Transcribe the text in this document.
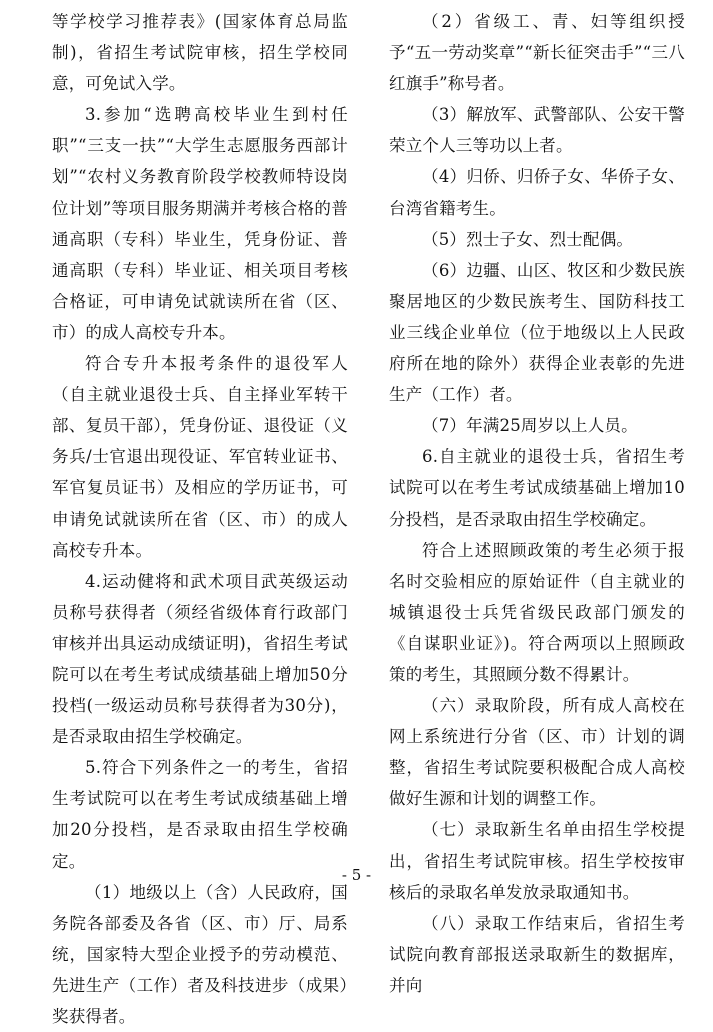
等学校学习推荐表》(国家体育总局监制)，省招生考试院审核，招生学校同意，可免试入学。

3.参加“选聘高校毕业生到村任职”“三支一扶”“大学生志愿服务西部计划”“农村义务教育阶段学校教师特设岗位计划”等项目服务期满并考核合格的普通高职（专科）毕业生，凭身份证、普通高职（专科）毕业证、相关项目考核合格证，可申请免试就读所在省（区、市）的成人高校专升本。

符合专升本报考条件的退役军人（自主就业退役士兵、自主择业军转干部、复员干部），凭身份证、退役证（义务兵/士官退出现役证、军官转业证书、军官复员证书）及相应的学历证书，可申请免试就读所在省（区、市）的成人高校专升本。

4.运动健将和武术项目武英级运动员称号获得者（须经省级体育行政部门审核并出具运动成绩证明)，省招生考试院可以在考生考试成绩基础上增加50分投档(一级运动员称号获得者为30分)，是否录取由招生学校确定。

5.符合下列条件之一的考生，省招生考试院可以在考生考试成绩基础上增加20分投档，是否录取由招生学校确定。

（1）地级以上（含）人民政府，国务院各部委及各省（区、市）厅、局系统，国家特大型企业授予的劳动模范、先进生产（工作）者及科技进步（成果）奖获得者。

（2）省级工、青、妇等组织授予“五一劳动奖章”“新长征突击手”“三八红旗手”称号者。

（3）解放军、武警部队、公安干警荣立个人三等功以上者。

（4）归侨、归侨子女、华侨子女、台湾省籍考生。

（5）烈士子女、烈士配偶。

（6）边疆、山区、牧区和少数民族聚居地区的少数民族考生、国防科技工业三线企业单位（位于地级以上人民政府所在地的除外）获得企业表彰的先进生产（工作）者。

（7）年满25周岁以上人员。

6.自主就业的退役士兵，省招生考试院可以在考生考试成绩基础上增加10分投档，是否录取由招生学校确定。

符合上述照顾政策的考生必须于报名时交验相应的原始证件（自主就业的城镇退役士兵凭省级民政部门颁发的《自谋职业证》)。符合两项以上照顾政策的考生，其照顾分数不得累计。

（六）录取阶段，所有成人高校在网上系统进行分省（区、市）计划的调整，省招生考试院要积极配合成人高校做好生源和计划的调整工作。

（七）录取新生名单由招生学校提出，省招生考试院审核。招生学校按审核后的录取名单发放录取通知书。

（八）录取工作结束后，省招生考试院向教育部报送录取新生的数据库，并向

- 5 -
